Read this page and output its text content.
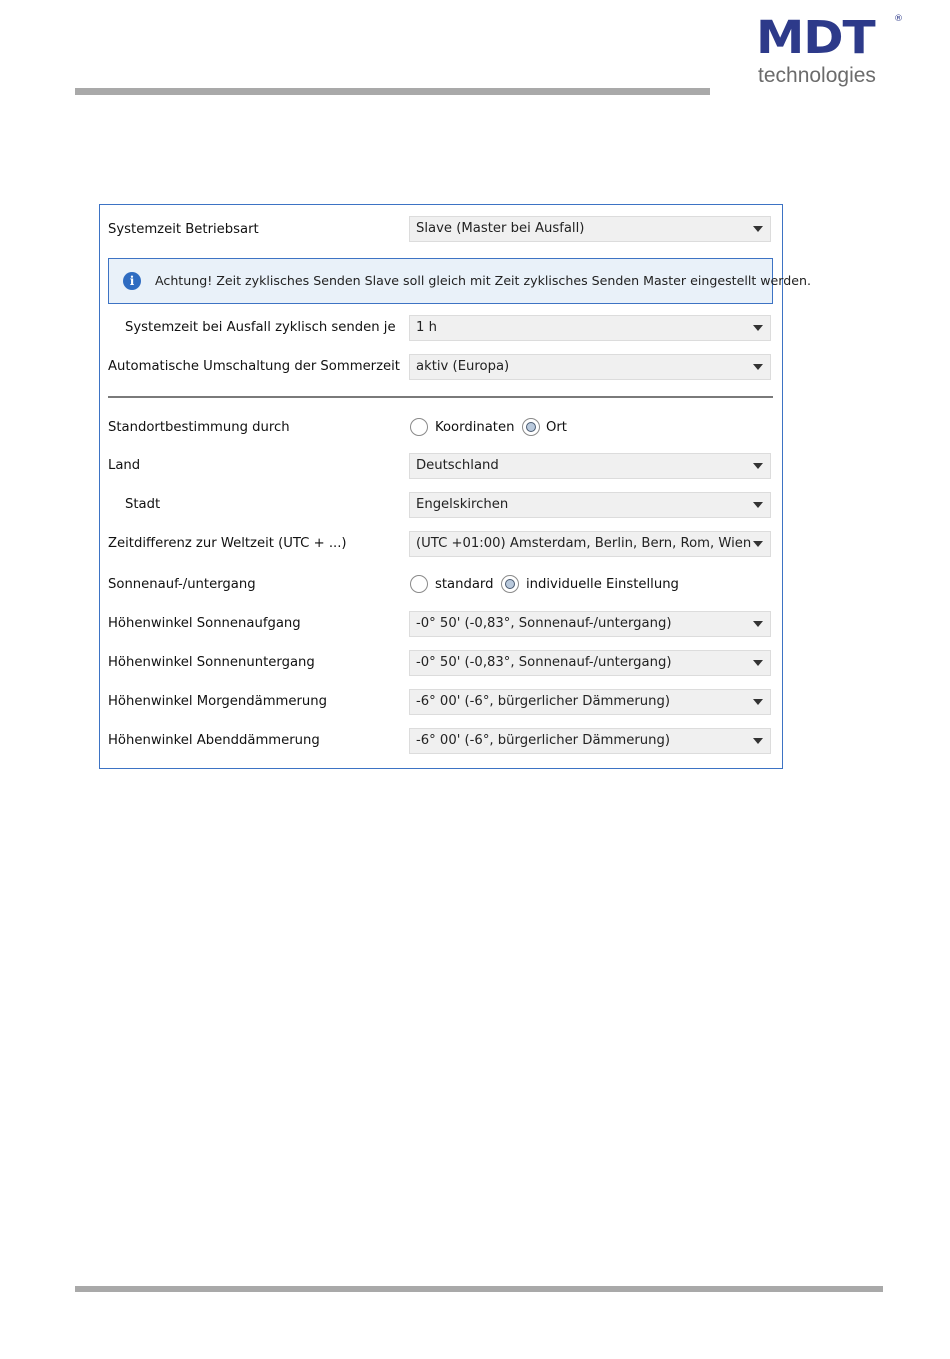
MDT ®
technologies
Systemzeit Betriebsart	Slave (Master bei Ausfall)
i	Achtung! Zeit zyklisches Senden Slave soll gleich mit Zeit zyklisches Senden Master eingestellt werden.
Systemzeit bei Ausfall zyklisch senden je	1 h
Automatische Umschaltung der Sommerzeit	aktiv (Europa)
Standortbestimmung durch	Koordinaten Ort
Land	Deutschland
Stadt	Engelskirchen
Zeitdifferenz zur Weltzeit (UTC + ...)	(UTC +01:00) Amsterdam, Berlin, Bern, Rom, Wien
Sonnenauf-/untergang	standard individuelle Einstellung
Höhenwinkel Sonnenaufgang	-0° 50' (-0,83°, Sonnenauf-/untergang)
Höhenwinkel Sonnenuntergang	-0° 50' (-0,83°, Sonnenauf-/untergang)
Höhenwinkel Morgendämmerung	-6° 00' (-6°, bürgerlicher Dämmerung)
Höhenwinkel Abenddämmerung	-6° 00' (-6°, bürgerlicher Dämmerung)
